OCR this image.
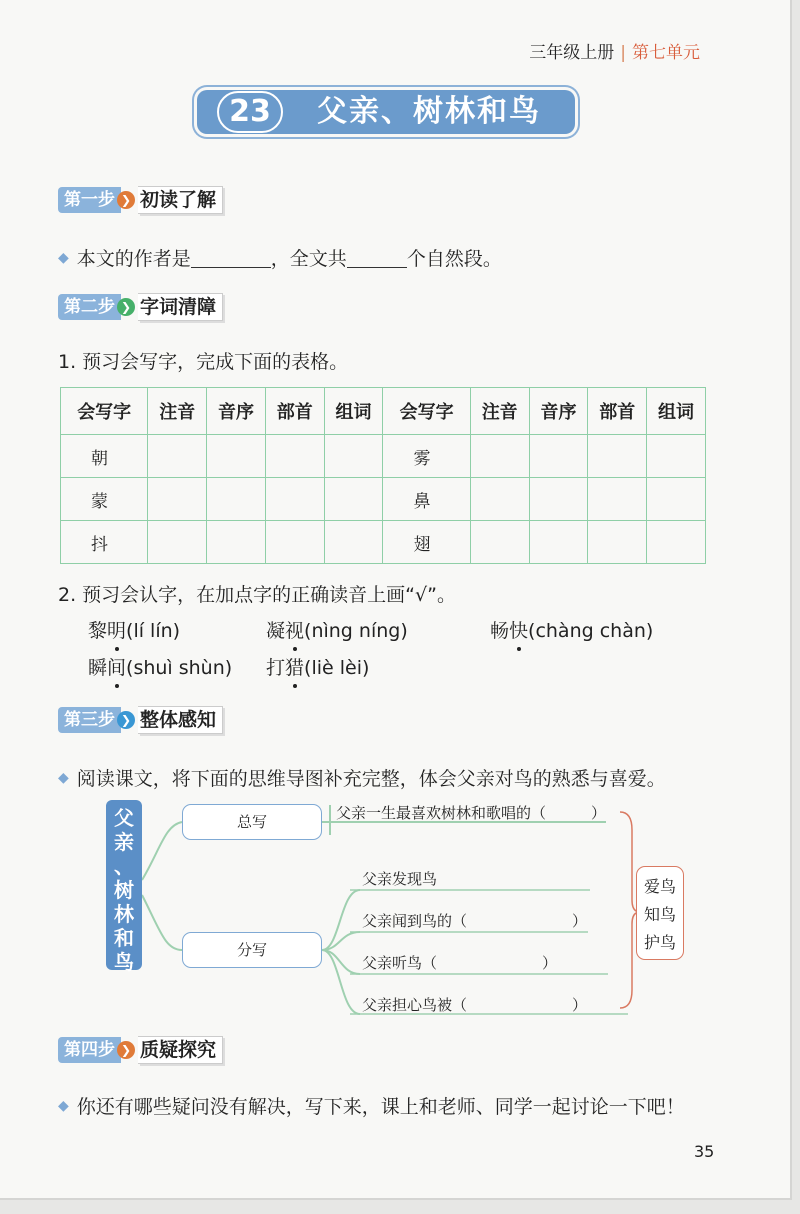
三年级上册 | 第七单元
23	父亲、树林和鸟
第一步 ❯ 初读了解
◆ 本文的作者是	，全文共	个自然段。
第二步 ❯ 字词清障
1. 预习会写字，完成下面的表格。
会写字	注音	音序	部首	组词	会写字	注音	音序	部首	组词
朝					雾				
蒙					鼻				
抖					翅				
2. 预习会认字，在加点字的正确读音上画“√”。
黎明(lí lín)	凝视(nìng níng)	畅快(chàng chàn)
瞬间(shuì shùn) 打猎(liè lèi)
第三步 ❯ 整体感知
◆ 阅读课文，将下面的思维导图补充完整，体会父亲对鸟的熟悉与喜爱。
父
亲
、
树
林
和
鸟
总写
分写
父亲一生最喜欢树林和歌唱的（　　　）
父亲发现鸟
父亲闻到鸟的（　　　　　　　）
父亲听鸟（　　　　　　　）
父亲担心鸟被（　　　　　　　）
爱鸟
知鸟
护鸟
第四步 ❯ 质疑探究
◆ 你还有哪些疑问没有解决，写下来，课上和老师、同学一起讨论一下吧！
35
